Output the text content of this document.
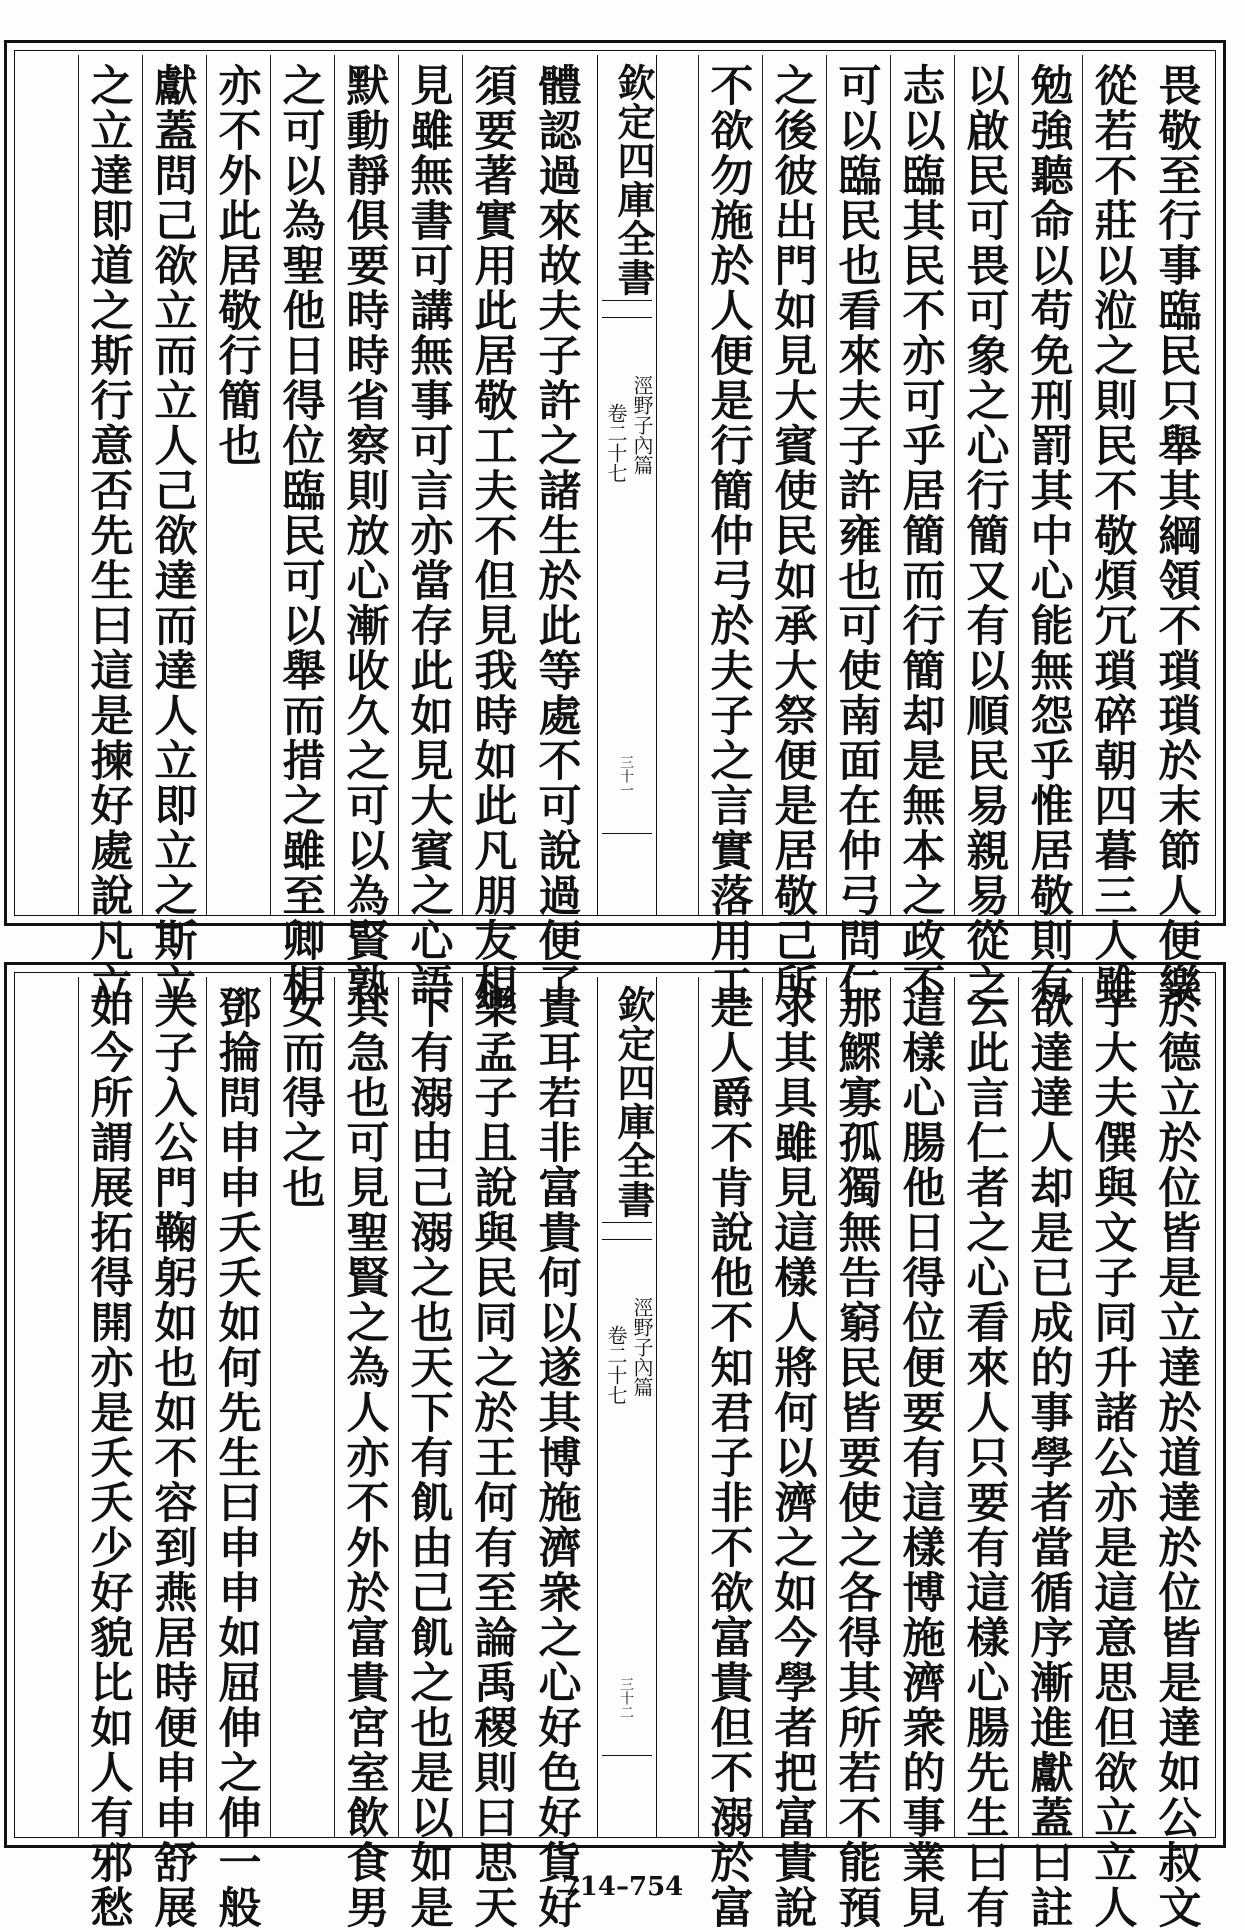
畏敬至行事臨民只舉其綱領不瑣瑣於末節人便樂
從若不莊以涖之則民不敬煩冗瑣碎朝四暮三人雖
勉強聽命以苟免刑罰其中心能無怨乎惟居敬則有
以啟民可畏可象之心行簡又有以順民易親易從之
志以臨其民不亦可乎居簡而行簡却是無本之政不
可以臨民也看來夫子許雍也可使南面在仲弓問仁
之後彼出門如見大賓使民如承大祭便是居敬己所
不欲勿施於人便是行簡仲弓於夫子之言實落用工
欽定四庫全書
涇野子內篇
卷二十七
三十一
體認過來故夫子許之諸生於此等處不可說過便了
須要著實用此居敬工夫不但見我時如此凡朋友相
見雖無書可講無事可言亦當存此如見大賓之心語
默動靜俱要時時省察則放心漸收久之可以為賢熟
之可以為聖他日得位臨民可以舉而措之雖至卿相
亦不外此居敬行簡也
獻蓋問己欲立而立人己欲達而達人立即立之斯立
之立達即道之斯行意否先生曰這是揀好處說凡立
於德立於位皆是立達於道達於位皆是達如公叔文
子大夫僎與文子同升諸公亦是這意思但欲立立人
欲達達人却是已成的事學者當循序漸進獻蓋曰註
云此言仁者之心看來人只要有這樣心腸先生曰有
這樣心腸他日得位便要有這樣博施濟衆的事業見
那鰥寡孤獨無告窮民皆要使之各得其所若不能預
求其具雖見這樣人將何以濟之如今學者把富貴說
是人爵不肯說他不知君子非不欲富貴但不溺於富
欽定四庫全書
涇野子內篇
卷二十七
三十二
貴耳若非富貴何以遂其博施濟衆之心好色好貨好
樂孟子且說與民同之於王何有至論禹稷則曰思天
下有溺由己溺之也天下有飢由己飢之也是以如是
其急也可見聖賢之為人亦不外於富貴宮室飲食男
女而得之也
鄧掄問申申夭夭如何先生曰申申如屈伸之伸一般
夫子入公門鞠躬如也如不容到燕居時便申申舒展
如今所謂展拓得開亦是夭夭少好貌比如人有邪愁	714–754
